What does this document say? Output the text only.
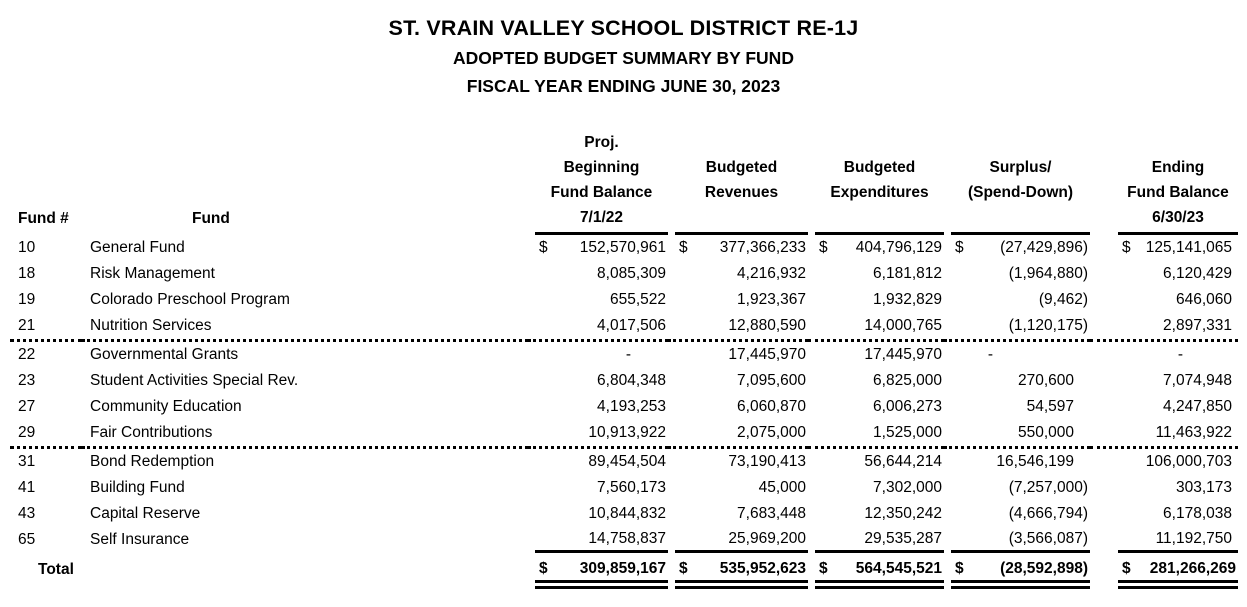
ST. VRAIN VALLEY SCHOOL DISTRICT RE-1J
ADOPTED BUDGET SUMMARY BY FUND
FISCAL YEAR ENDING JUNE 30, 2023
Fund #	Fund	
Proj.
Beginning
Fund Balance
7/1/22

Budgeted
Revenues

Budgeted
Expenditures

Surplus/
(Spend-Down)

Ending
Fund Balance
6/30/23

10	General Fund	$ 152,570,961	$ 377,366,233	$ 404,796,129	$ (27,429,896)	$ 125,141,065

18	Risk Management	8,085,309	4,216,932	6,181,812	(1,964,880)	6,120,429

19	Colorado Preschool Program	655,522	1,923,367	1,932,829	(9,462)	646,060

21	Nutrition Services	4,017,506	12,880,590	14,000,765	(1,120,175)	2,897,331

22	Governmental Grants	-	17,445,970	17,445,970	-	-

23	Student Activities Special Rev.	6,804,348	7,095,600	6,825,000	270,600	7,074,948

27	Community Education	4,193,253	6,060,870	6,006,273	54,597	4,247,850

29	Fair Contributions	10,913,922	2,075,000	1,525,000	550,000	11,463,922

31	Bond Redemption	89,454,504	73,190,413	56,644,214	16,546,199	106,000,703

41	Building Fund	7,560,173	45,000	7,302,000	(7,257,000)	303,173

43	Capital Reserve	10,844,832	7,683,448	12,350,242	(4,666,794)	6,178,038

65	Self Insurance	14,758,837	25,969,200	29,535,287	(3,566,087)	11,192,750

Total		$ 309,859,167	$ 535,952,623	$ 564,545,521	$ (28,592,898)	$ 281,266,269
